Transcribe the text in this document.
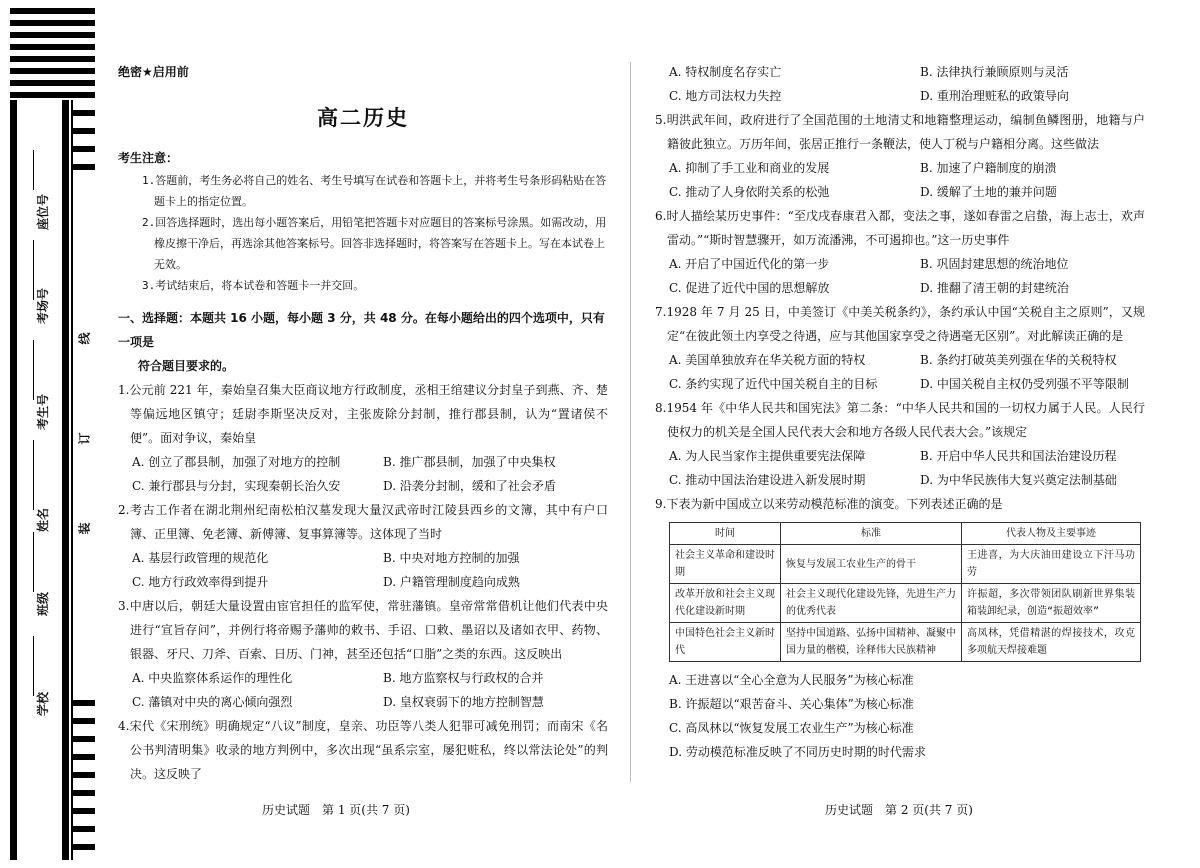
学校
班级
姓名
考生号
考场号
座位号
装
订
线
绝密★启用前
高二历史
考生注意：

1.答题前，考生务必将自己的姓名、考生号填写在试卷和答题卡上，并将考生号条形码粘贴在答题卡上的指定位置。

2.回答选择题时，选出每小题答案后，用铅笔把答题卡对应题目的答案标号涂黑。如需改动，用橡皮擦干净后，再选涂其他答案标号。回答非选择题时，将答案写在答题卡上。写在本试卷上无效。

3.考试结束后，将本试卷和答题卡一并交回。

一、选择题：本题共 16 小题，每小题 3 分，共 48 分。在每小题给出的四个选项中，只有一项是
符合题目要求的。
1.公元前 221 年，秦始皇召集大臣商议地方行政制度，丞相王绾建议分封皇子到燕、齐、楚等偏远地区镇守；廷尉李斯坚决反对，主张废除分封制，推行郡县制，认为“置诸侯不便”。面对争议，秦始皇
A. 创立了郡县制，加强了对地方的控制	B. 推广郡县制，加强了中央集权
C. 兼行郡县与分封，实现秦朝长治久安	D. 沿袭分封制，缓和了社会矛盾
2.考古工作者在湖北荆州纪南松柏汉墓发现大量汉武帝时江陵县西乡的文簿，其中有户口簿、正里簿、免老簿、新傅簿、复事算簿等。这体现了当时
A. 基层行政管理的规范化	B. 中央对地方控制的加强
C. 地方行政效率得到提升	D. 户籍管理制度趋向成熟
3.中唐以后，朝廷大量设置由宦官担任的监军使，常驻藩镇。皇帝常常借机让他们代表中央进行“宣旨存问”，并例行将帝赐予藩帅的敕书、手诏、口敕、墨诏以及诸如衣甲、药物、银器、牙尺、刀斧、百索、日历、门神，甚至还包括“口脂”之类的东西。这反映出
A. 中央监察体系运作的理性化	B. 地方监察权与行政权的合并
C. 藩镇对中央的离心倾向强烈	D. 皇权衰弱下的地方控制智慧
4.宋代《宋刑统》明确规定“八议”制度，皇亲、功臣等八类人犯罪可减免刑罚；而南宋《名公书判清明集》收录的地方判例中，多次出现“虽系宗室，屡犯赃私，终以常法论处”的判决。这反映了
历史试题　第 1 页(共 7 页)
A. 特权制度名存实亡	B. 法律执行兼顾原则与灵活
C. 地方司法权力失控	D. 重刑治理赃私的政策导向
5.明洪武年间，政府进行了全国范围的土地清丈和地籍整理运动，编制鱼鳞图册，地籍与户籍彼此独立。万历年间，张居正推行一条鞭法，使人丁税与户籍相分离。这些做法
A. 抑制了手工业和商业的发展	B. 加速了户籍制度的崩溃
C. 推动了人身依附关系的松弛	D. 缓解了土地的兼并问题
6.时人描绘某历史事件：“至戊戌春康君入都，变法之事，遂如春雷之启蛰，海上志士，欢声雷动。”“斯时智慧骤开，如万流潘沸，不可遏抑也。”这一历史事件
A. 开启了中国近代化的第一步	B. 巩固封建思想的统治地位
C. 促进了近代中国的思想解放	D. 推翻了清王朝的封建统治
7.1928 年 7 月 25 日，中美签订《中美关税条约》，条约承认中国“关税自主之原则”，又规定“在彼此领土内享受之待遇，应与其他国家享受之待遇毫无区别”。对此解读正确的是
A. 美国单独放弃在华关税方面的特权	B. 条约打破英美列强在华的关税特权
C. 条约实现了近代中国关税自主的目标	D. 中国关税自主权仍受列强不平等限制
8.1954 年《中华人民共和国宪法》第二条：“中华人民共和国的一切权力属于人民。人民行使权力的机关是全国人民代表大会和地方各级人民代表大会。”该规定
A. 为人民当家作主提供重要宪法保障	B. 开启中华人民共和国法治建设历程
C. 推动中国法治建设进入新发展时期	D. 为中华民族伟大复兴奠定法制基础
9.下表为新中国成立以来劳动模范标准的演变。下列表述正确的是
时间	标准	代表人物及主要事迹
社会主义革命和建设时期	恢复与发展工农业生产的骨干	王进喜，为大庆油田建设立下汗马功劳
改革开放和社会主义现代化建设新时期	社会主义现代化建设先锋，先进生产力的优秀代表	许振超，多次带领团队刷新世界集装箱装卸纪录，创造“振超效率”
中国特色社会主义新时代	坚持中国道路、弘扬中国精神、凝聚中国力量的楷模，诠释伟大民族精神	高凤林，凭借精湛的焊接技术，攻克多项航天焊接难题
A. 王进喜以“全心全意为人民服务”为核心标准
B. 许振超以“艰苦奋斗、关心集体”为核心标准
C. 高凤林以“恢复发展工农业生产”为核心标准
D. 劳动模范标准反映了不同历史时期的时代需求
历史试题　第 2 页(共 7 页)
